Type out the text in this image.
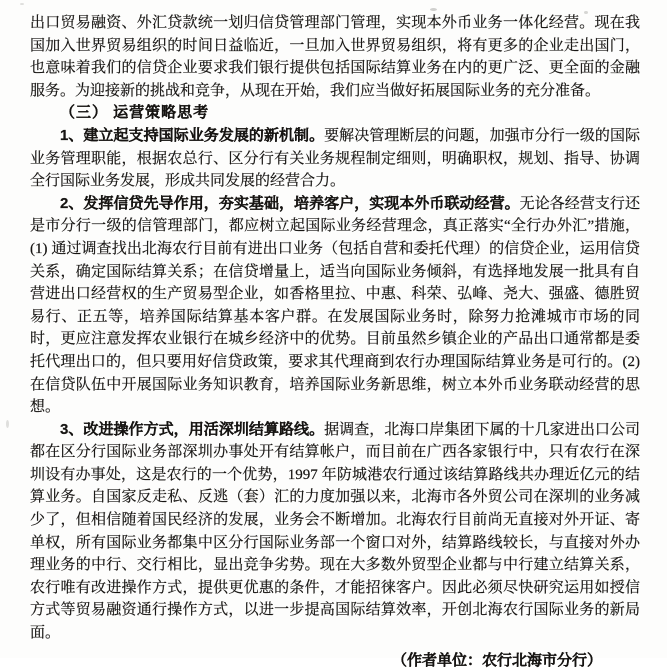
出口贸易融资、外汇贷款统一划归信贷管理部门管理，实现本外币业务一体化经营。现在我国加入世界贸易组织的时间日益临近，一旦加入世界贸易组织，将有更多的企业走出国门，也意味着我们的信贷企业要求我们银行提供包括国际结算业务在内的更广泛、更全面的金融服务。为迎接新的挑战和竞争，从现在开始，我们应当做好拓展国际业务的充分准备。

（三） 运营策略思考

1、建立起支持国际业务发展的新机制。要解决管理断层的问题，加强市分行一级的国际业务管理职能，根据农总行、区分行有关业务规程制定细则，明确职权，规划、指导、协调全行国际业务发展，形成共同发展的经营合力。

2、发挥信贷先导作用，夯实基础，培养客户，实现本外币联动经营。无论各经营支行还是市分行一级的信管理部门，都应树立起国际业务经营理念，真正落实“全行办外汇”措施，(1) 通过调查找出北海农行目前有进出口业务（包括自营和委托代理）的信贷企业，运用信贷关系，确定国际结算关系；在信贷增量上，适当向国际业务倾斜，有选择地发展一批具有自营进出口经营权的生产贸易型企业，如香格里拉、中惠、科荣、弘峰、尧大、强盛、德胜贸易行、正五等，培养国际结算基本客户群。在发展国际业务时，除努力抢滩城市市场的同时，更应注意发挥农业银行在城乡经济中的优势。目前虽然乡镇企业的产品出口通常都是委托代理出口的，但只要用好信贷政策，要求其代理商到农行办理国际结算业务是可行的。(2) 在信贷队伍中开展国际业务知识教育，培养国际业务新思维，树立本外币业务联动经营的思想。

3、改进操作方式，用活深圳结算路线。据调查，北海口岸集团下属的十几家进出口公司都在区分行国际业务部深圳办事处开有结算帐户，而目前在广西各家银行中，只有农行在深圳设有办事处，这是农行的一个优势，1997 年防城港农行通过该结算路线共办理近亿元的结算业务。自国家反走私、反逃（套）汇的力度加强以来，北海市各外贸公司在深圳的业务减少了，但相信随着国民经济的发展，业务会不断增加。北海农行目前尚无直接对外开证、寄单权，所有国际业务都集中区分行国际业务部一个窗口对外，结算路线较长，与直接对外办理业务的中行、交行相比，显出竞争劣势。现在大多数外贸型企业都与中行建立结算关系，农行唯有改进操作方式，提供更优惠的条件，才能招徕客户。因此必须尽快研究运用如授信方式等贸易融资通行操作方式，以进一步提高国际结算效率，开创北海农行国际业务的新局面。

（作者单位：农行北海市分行）
